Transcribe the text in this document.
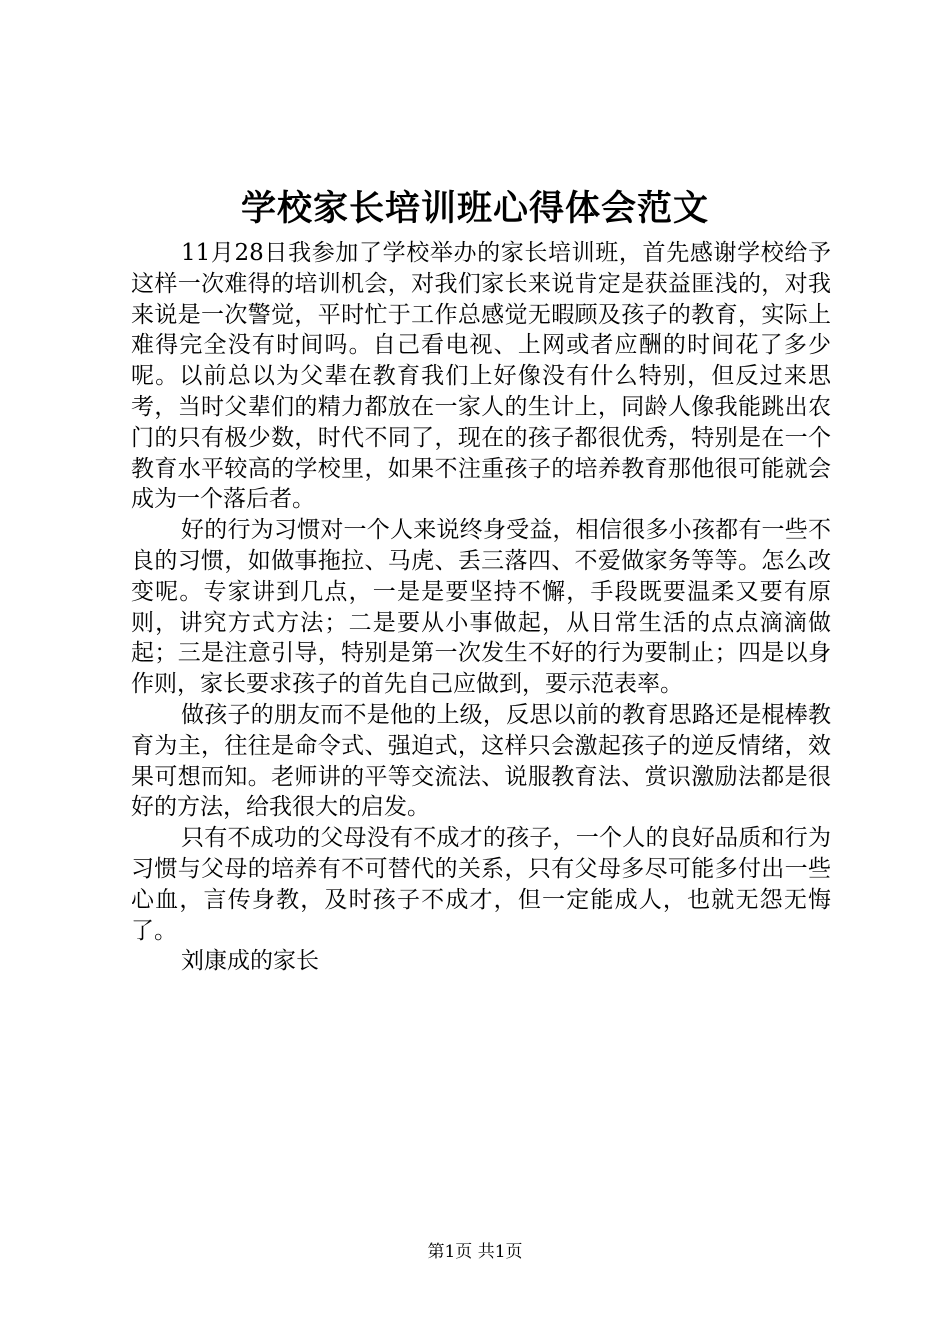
学校家长培训班心得体会范文

11月28日我参加了学校举办的家长培训班，首先感谢学校给予这样一次难得的培训机会，对我们家长来说肯定是获益匪浅的，对我来说是一次警觉，平时忙于工作总感觉无暇顾及孩子的教育，实际上难得完全没有时间吗。自己看电视、上网或者应酬的时间花了多少呢。以前总以为父辈在教育我们上好像没有什么特别，但反过来思考，当时父辈们的精力都放在一家人的生计上，同龄人像我能跳出农门的只有极少数，时代不同了，现在的孩子都很优秀，特别是在一个教育水平较高的学校里，如果不注重孩子的培养教育那他很可能就会成为一个落后者。

好的行为习惯对一个人来说终身受益，相信很多小孩都有一些不良的习惯，如做事拖拉、马虎、丢三落四、不爱做家务等等。怎么改变呢。专家讲到几点，一是是要坚持不懈，手段既要温柔又要有原则，讲究方式方法；二是要从小事做起，从日常生活的点点滴滴做起；三是注意引导，特别是第一次发生不好的行为要制止；四是以身作则，家长要求孩子的首先自己应做到，要示范表率。

做孩子的朋友而不是他的上级，反思以前的教育思路还是棍棒教育为主，往往是命令式、强迫式，这样只会激起孩子的逆反情绪，效果可想而知。老师讲的平等交流法、说服教育法、赏识激励法都是很好的方法，给我很大的启发。

只有不成功的父母没有不成才的孩子，一个人的良好品质和行为习惯与父母的培养有不可替代的关系，只有父母多尽可能多付出一些心血，言传身教，及时孩子不成才，但一定能成人，也就无怨无悔了。

刘康成的家长

第1页 共1页
